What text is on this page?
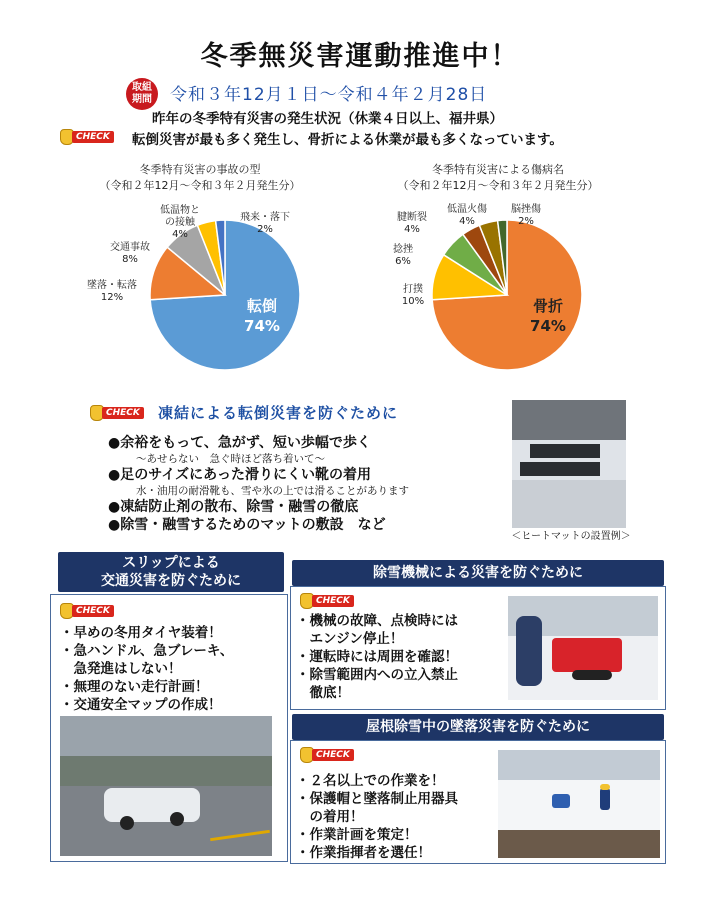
冬季無災害運動推進中！
取組
期間 令和３年12月１日～令和４年２月28日
昨年の冬季特有災害の発生状況（休業４日以上、福井県）
CHECK 転倒災害が最も多く発生し、骨折による休業が最も多くなっています。
冬季特有災害の事故の型
（令和２年12月～令和３年２月発生分）
転倒
74%
墜落・転落
12%
交通事故
8%
低温物との接触
4%
飛来・落下
2%
冬季特有災害による傷病名
（令和２年12月～令和３年２月発生分）
骨折
74%
打撲
10%
捻挫
6%
腱断裂
4%
低温火傷
4%
脳挫傷
2%
CHECK 凍結による転倒災害を防ぐために
●余裕をもって、急がず、短い歩幅で歩く
～あせらない　急ぐ時ほど落ち着いて～
●足のサイズにあった滑りにくい靴の着用
水・油用の耐滑靴も、雪や氷の上では滑ることがあります
●凍結防止剤の散布、除雪・融雪の徹底
●除雪・融雪するためのマットの敷設　など
＜ヒートマットの設置例＞
スリップによる
交通災害を防ぐために
CHECK
・早めの冬用タイヤ装着！
・急ハンドル、急ブレーキ、
　急発進はしない！
・無理のない走行計画！
・交通安全マップの作成！
除雪機械による災害を防ぐために
CHECK
・機械の故障、点検時には
　エンジン停止！
・運転時には周囲を確認！
・除雪範囲内への立入禁止
　徹底！
屋根除雪中の墜落災害を防ぐために
CHECK
・２名以上での作業を！
・保護帽と墜落制止用器具
　の着用！
・作業計画を策定！
・作業指揮者を選任！
